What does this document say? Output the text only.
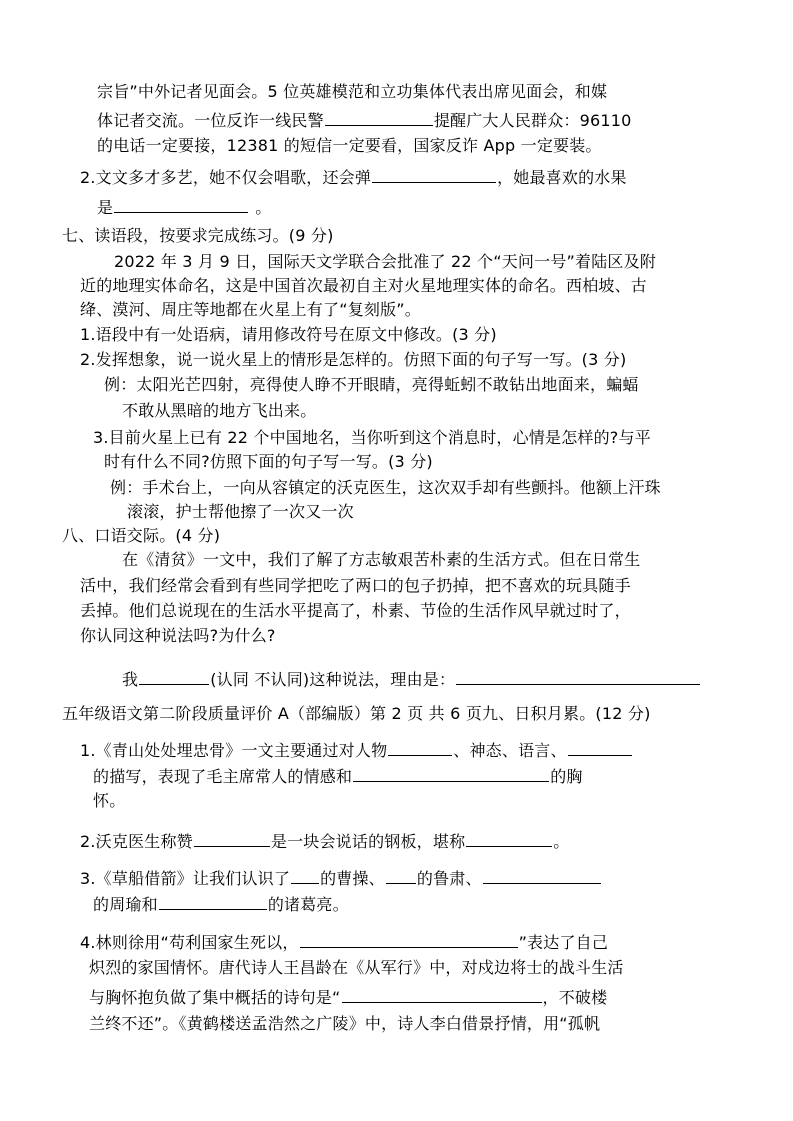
宗旨”中外记者见面会。5 位英雄模范和立功集体代表出席见面会，和媒
体记者交流。一位反诈一线民警	提醒广大人民群众：96110
的电话一定要接，12381 的短信一定要看，国家反诈 App 一定要装。
2.文文多才多艺，她不仅会唱歌，还会弹	，她最喜欢的水果
是	。
七、读语段，按要求完成练习。(9 分)
2022 年 3 月 9 日，国际天文学联合会批准了 22 个“天问一号”着陆区及附
近的地理实体命名，这是中国首次最初自主对火星地理实体的命名。西柏坡、古
绛、漠河、周庄等地都在火星上有了“复刻版”。
1.语段中有一处语病，请用修改符号在原文中修改。(3 分)
2.发挥想象，说一说火星上的情形是怎样的。仿照下面的句子写一写。(3 分)
例：太阳光芒四射，亮得使人睁不开眼睛，亮得蚯蚓不敢钻出地面来，蝙蝠
不敢从黑暗的地方飞出来。
3.目前火星上已有 22 个中国地名，当你听到这个消息时，心情是怎样的?与平
时有什么不同?仿照下面的句子写一写。(3 分)
例：手术台上，一向从容镇定的沃克医生，这次双手却有些颤抖。他额上汗珠
滚滚，护士帮他擦了一次又一次
八、口语交际。(4 分)
在《清贫》一文中，我们了解了方志敏艰苦朴素的生活方式。但在日常生
活中，我们经常会看到有些同学把吃了两口的包子扔掉，把不喜欢的玩具随手
丢掉。他们总说现在的生活水平提高了，朴素、节俭的生活作风早就过时了，
你认同这种说法吗?为什么?
我	(认同 不认同)这种说法，理由是：
五年级语文第二阶段质量评价 A（部编版）第 2 页 共 6 页九、日积月累。(12 分)
1.《青山处处埋忠骨》一文主要通过对人物	、神态、语言、
的描写，表现了毛主席常人的情感和	的胸
怀。
2.沃克医生称赞	是一块会说话的钢板，堪称	。
3.《草船借箭》让我们认识了 的曹操、 的鲁肃、
的周瑜和	的诸葛亮。
4.林则徐用“苟利国家生死以，	”表达了自己
炽烈的家国情怀。唐代诗人王昌龄在《从军行》中，对戍边将士的战斗生活
与胸怀抱负做了集中概括的诗句是“	，不破楼
兰终不还”。《黄鹤楼送孟浩然之广陵》中，诗人李白借景抒情，用“孤帆
